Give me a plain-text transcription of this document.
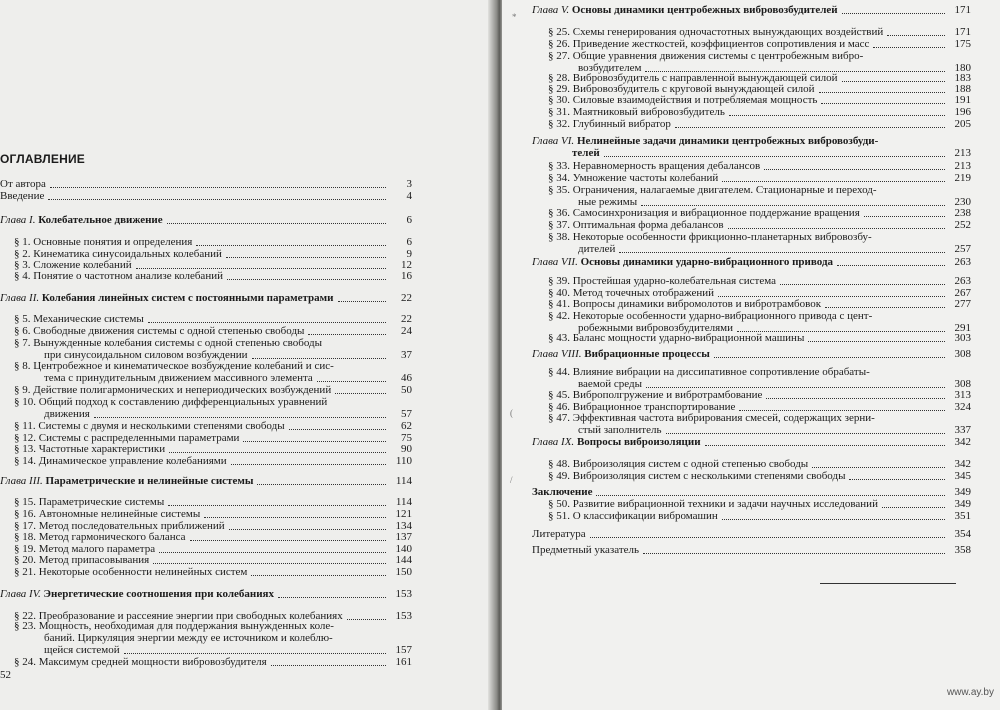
ОГЛАВЛЕНИЕ
От автора	3
Введение	4
Глава I. Колебательное движение	6
§ 1. Основные понятия и определения	6
§ 2. Кинематика синусоидальных колебаний	9
§ 3. Сложение колебаний	12
§ 4. Понятие о частотном анализе колебаний	16
Глава II. Колебания линейных систем с постоянными параметрами	22
§ 5. Механические системы	22
§ 6. Свободные движения системы с одной степенью свободы	24
§ 7. Вынужденные колебания системы с одной степенью свободы
при синусоидальном силовом возбуждении	37
§ 8. Центробежное и кинематическое возбуждение колебаний и сис-
тема с принудительным движением массивного элемента	46
§ 9. Действие полигармонических и непериодических возбуждений	50
§ 10. Общий подход к составлению дифференциальных уравнений
движения	57
§ 11. Системы с двумя и несколькими степенями свободы	62
§ 12. Системы с распределенными параметрами	75
§ 13. Частотные характеристики	90
§ 14. Динамическое управление колебаниями	110
Глава III. Параметрические и нелинейные системы	114
§ 15. Параметрические системы	114
§ 16. Автономные нелинейные системы	121
§ 17. Метод последовательных приближений	134
§ 18. Метод гармонического баланса	137
§ 19. Метод малого параметра	140
§ 20. Метод припасовывания	144
§ 21. Некоторые особенности нелинейных систем	150
Глава IV. Энергетические соотношения при колебаниях	153
§ 22. Преобразование и рассеяние энергии при свободных колебаниях	153
§ 23. Мощность, необходимая для поддержания вынужденных коле-
баний. Циркуляция энергии между ее источником и колеблю-
щейся системой	157
§ 24. Максимум средней мощности вибровозбудителя	161
52
Глава V. Основы динамики центробежных вибровозбудителей	171
§ 25. Схемы генерирования одночастотных вынуждающих воздействий	171
§ 26. Приведение жесткостей, коэффициентов сопротивления и масс	175
§ 27. Общие уравнения движения системы с центробежным вибро-
возбудителем	180
§ 28. Вибровозбудитель с направленной вынуждающей силой	183
§ 29. Вибровозбудитель с круговой вынуждающей силой	188
§ 30. Силовые взаимодействия и потребляемая мощность	191
§ 31. Маятниковый вибровозбудитель	196
§ 32. Глубинный вибратор	205
Глава VI. Нелинейные задачи динамики центробежных вибровозбуди-
телей	213
§ 33. Неравномерность вращения дебалансов	213
§ 34. Умножение частоты колебаний	219
§ 35. Ограничения, налагаемые двигателем. Стационарные и переход-
ные режимы	230
§ 36. Самосинхронизация и вибрационное поддержание вращения	238
§ 37. Оптимальная форма дебалансов	252
§ 38. Некоторые особенности фрикционно-планетарных вибровозбу-
дителей	257
Глава VII. Основы динамики ударно-вибрационного привода	263
§ 39. Простейшая ударно-колебательная система	263
§ 40. Метод точечных отображений	267
§ 41. Вопросы динамики вибромолотов и вибротрамбовок	277
§ 42. Некоторые особенности ударно-вибрационного привода с цент-
робежными вибровозбудителями	291
§ 43. Баланс мощности ударно-вибрационной машины	303
Глава VIII. Вибрационные процессы	308
§ 44. Влияние вибрации на диссипативное сопротивление обрабаты-
ваемой среды	308
§ 45. Виброполгружение и вибротрамбование	313
§ 46. Вибрационное транспортирование	324
§ 47. Эффективная частота вибрирования смесей, содержащих зерни-
стый заполнитель	337
Глава IX. Вопросы виброизоляции	342
§ 48. Виброизоляция систем с одной степенью свободы	342
§ 49. Виброизоляция систем с несколькими степенями свободы	345
Заключение	349
§ 50. Развитие вибрационной техники и задачи научных исследований	349
§ 51. О классификации вибромашин	351
Литература	354
Предметный указатель	358
*
(
/
www.ay.by
